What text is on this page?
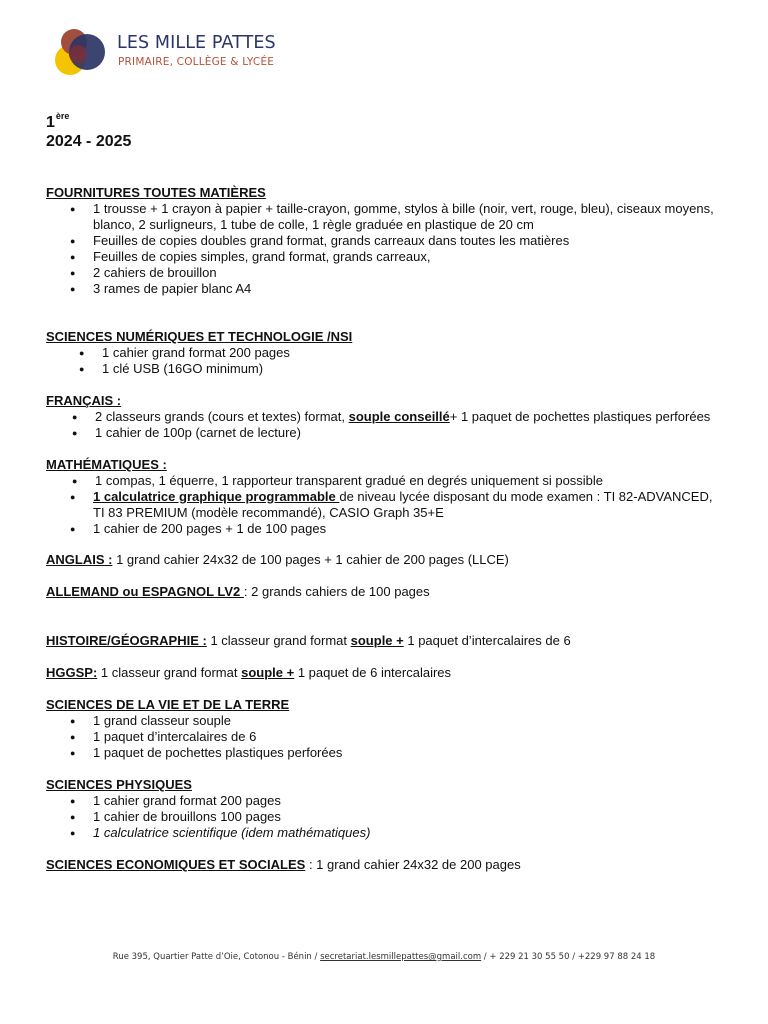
LES MILLE PATTES
PRIMAIRE, COLLÈGE & LYCÉE
1ère
2024 - 2025
FOURNITURES TOUTES MATIÈRES
● 1 trousse + 1 crayon à papier + taille-crayon, gomme, stylos à bille (noir, vert, rouge, bleu), ciseaux moyens, blanco, 2 surligneurs, 1 tube de colle, 1 règle graduée en plastique de 20 cm
● Feuilles de copies doubles grand format, grands carreaux dans toutes les matières
● Feuilles de copies simples, grand format, grands carreaux,
● 2 cahiers de brouillon
● 3 rames de papier blanc A4
SCIENCES NUMÉRIQUES ET TECHNOLOGIE /NSI
● 1 cahier grand format 200 pages
● 1 clé USB (16GO minimum)
FRANÇAIS :
● 2 classeurs grands (cours et textes) format, souple conseillé+ 1 paquet de pochettes plastiques perforées
● 1 cahier de 100p (carnet de lecture)
MATHÉMATIQUES :
● 1 compas, 1 équerre, 1 rapporteur transparent gradué en degrés uniquement si possible
● 1 calculatrice graphique programmable de niveau lycée disposant du mode examen : TI 82-ADVANCED, TI 83 PREMIUM (modèle recommandé), CASIO Graph 35+E
● 1 cahier de 200 pages + 1 de 100 pages
ANGLAIS : 1 grand cahier 24x32 de 100 pages + 1 cahier de 200 pages (LLCE)
ALLEMAND ou ESPAGNOL LV2 : 2 grands cahiers de 100 pages
HISTOIRE/GÉOGRAPHIE : 1 classeur grand format souple + 1 paquet d’intercalaires de 6
HGGSP: 1 classeur grand format souple + 1 paquet de 6 intercalaires
SCIENCES DE LA VIE ET DE LA TERRE
● 1 grand classeur souple
● 1 paquet d’intercalaires de 6
● 1 paquet de pochettes plastiques perforées
SCIENCES PHYSIQUES
● 1 cahier grand format 200 pages
● 1 cahier de brouillons 100 pages
● 1 calculatrice scientifique (idem mathématiques)
SCIENCES ECONOMIQUES ET SOCIALES : 1 grand cahier 24x32 de 200 pages
Rue 395, Quartier Patte d’Oie, Cotonou - Bénin / secretariat.lesmillepattes@gmail.com / + 229 21 30 55 50 / +229 97 88 24 18
